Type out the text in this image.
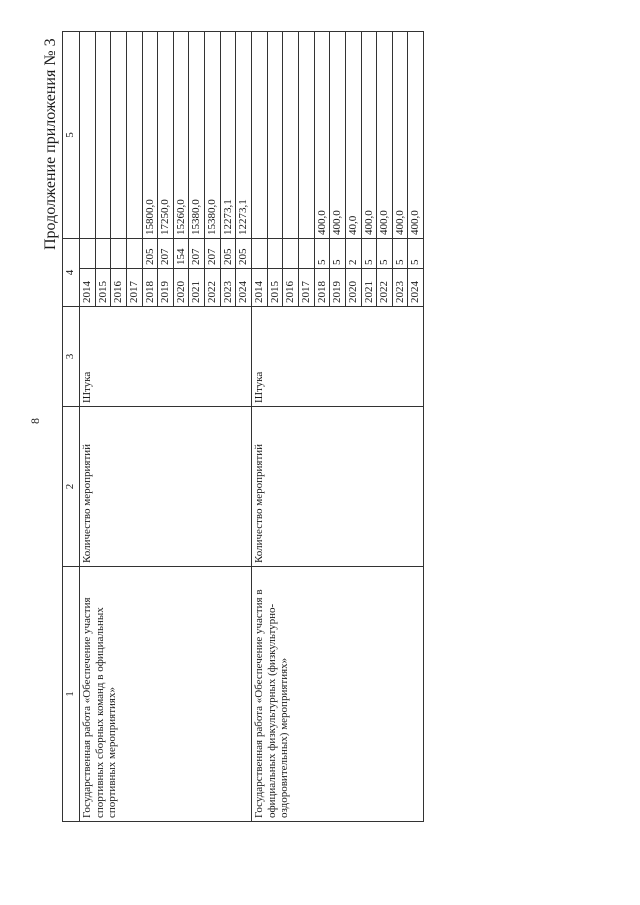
8
Продолжение приложения № 3
1	2	3	4		5
Государственная работа «Обеспечение участия спортивных сборных команд в официальных спортивных мероприятиях»	Количество мероприятий	Штука	2014		
			2015		
			2016		
			2017		
			2018	205	15800,0
			2019	207	17250,0
			2020	154	15260,0
			2021	207	15380,0
			2022	207	15380,0
			2023	205	12273,1
			2024	205	12273,1
Государственная работа «Обеспечение участия в официальных физкультурных (физкультурно-оздоровительных) мероприятиях»	Количество мероприятий	Штука	2014		
			2015		
			2016		
			2017		
			2018	5	400,0
			2019	5	400,0
			2020	2	40,0
			2021	5	400,0
			2022	5	400,0
			2023	5	400,0
			2024	5	400,0
